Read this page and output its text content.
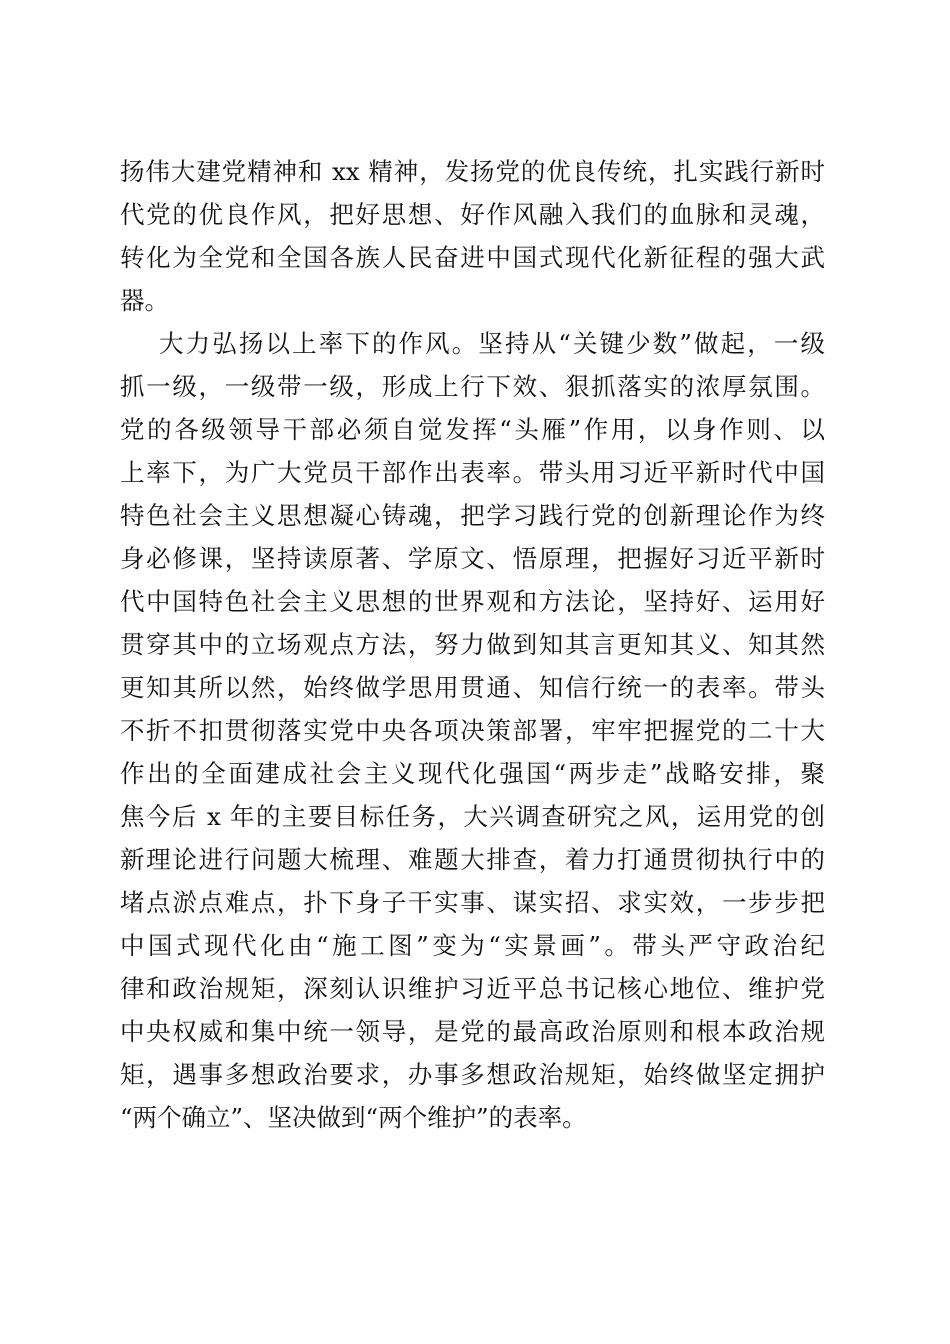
扬伟大建党精神和 xx 精神，发扬党的优良传统，扎实践行新时
代党的优良作风，把好思想、好作风融入我们的血脉和灵魂，
转化为全党和全国各族人民奋进中国式现代化新征程的强大武
器。
大力弘扬以上率下的作风。坚持从“关键少数”做起，一级
抓一级，一级带一级，形成上行下效、狠抓落实的浓厚氛围。
党的各级领导干部必须自觉发挥“头雁”作用，以身作则、以
上率下，为广大党员干部作出表率。带头用习近平新时代中国
特色社会主义思想凝心铸魂，把学习践行党的创新理论作为终
身必修课，坚持读原著、学原文、悟原理，把握好习近平新时
代中国特色社会主义思想的世界观和方法论，坚持好、运用好
贯穿其中的立场观点方法，努力做到知其言更知其义、知其然
更知其所以然，始终做学思用贯通、知信行统一的表率。带头
不折不扣贯彻落实党中央各项决策部署，牢牢把握党的二十大
作出的全面建成社会主义现代化强国“两步走”战略安排，聚
焦今后 x 年的主要目标任务，大兴调查研究之风，运用党的创
新理论进行问题大梳理、难题大排查，着力打通贯彻执行中的
堵点淤点难点，扑下身子干实事、谋实招、求实效，一步步把
中国式现代化由“施工图”变为“实景画”。带头严守政治纪
律和政治规矩，深刻认识维护习近平总书记核心地位、维护党
中央权威和集中统一领导，是党的最高政治原则和根本政治规
矩，遇事多想政治要求，办事多想政治规矩，始终做坚定拥护
“两个确立”、坚决做到“两个维护”的表率。
